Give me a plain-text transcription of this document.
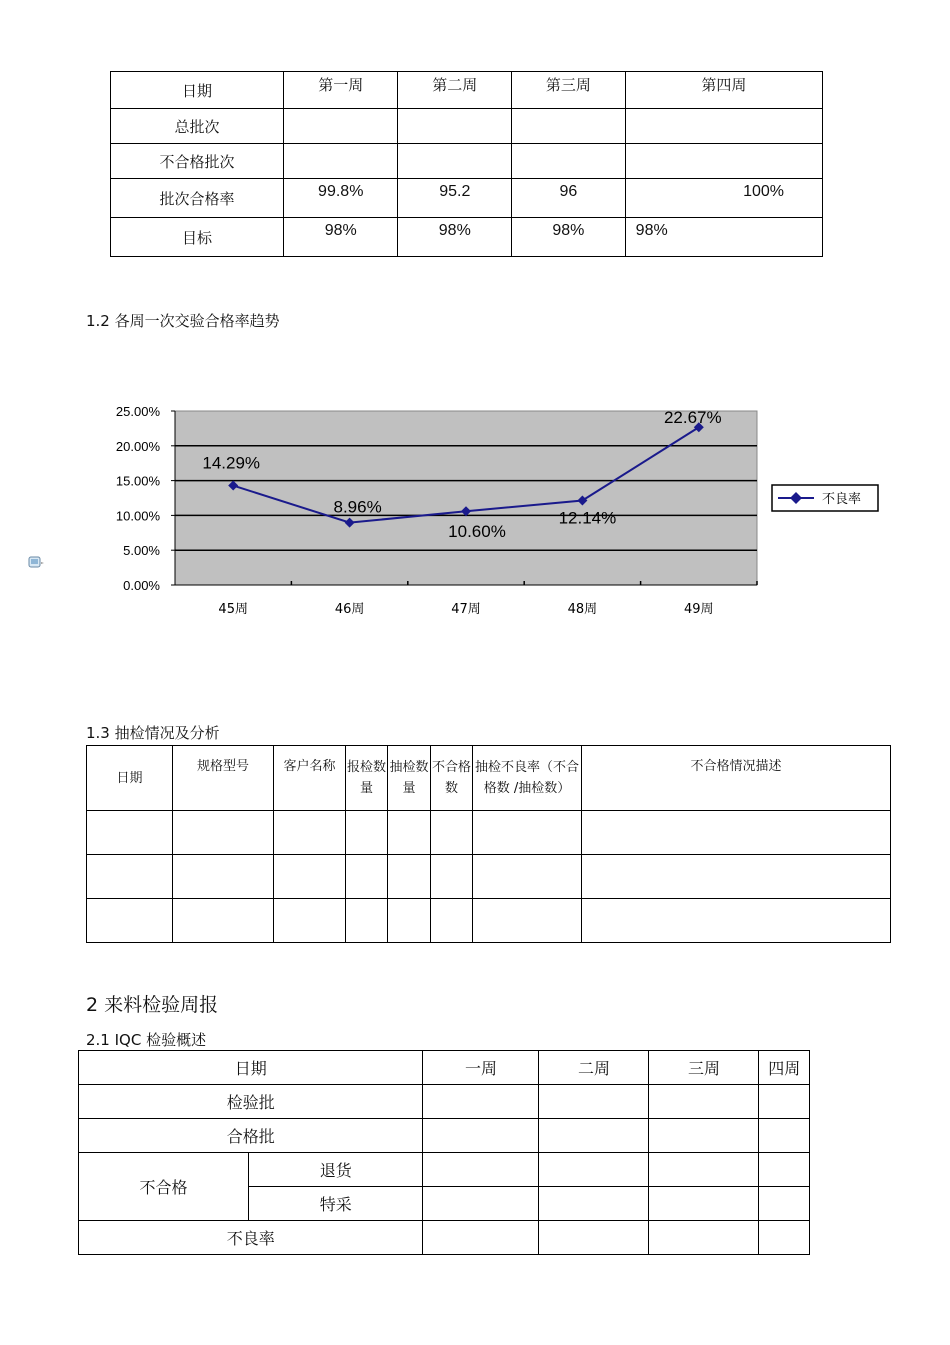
日期	第一周	第二周	第三周	第四周
总批次				
不合格批次				
批次合格率	99.8%	95.2	96	100%
目标	98%	98%	98%	98%
1.2 各周一次交验合格率趋势
25.00%
20.00%
15.00%
10.00%
5.00%
0.00%
45周	46周	47周	48周	49周
14.29%
8.96%
10.60%
12.14%
22.67%
不良率
1.3 抽检情况及分析
日期	规格型号	客户名称	报检数量	抽检数量	不合格数	抽检不良率（不合格数 /抽检数）	不合格情况描述

2 来料检验周报
2.1 IQC 检验概述
日期		一周	二周	三周	四周
检验批					
合格批					
不合格	退货				
	特采				
不良率					
